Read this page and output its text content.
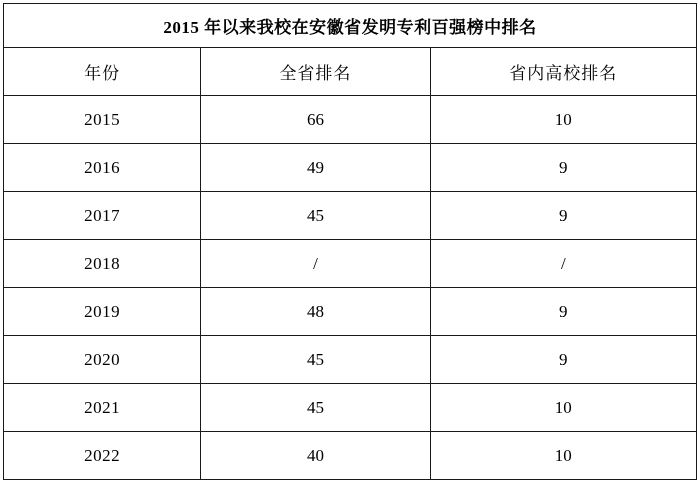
2015 年以来我校在安徽省发明专利百强榜中排名		
年份	全省排名	省内高校排名
2015	66	10
2016	49	9
2017	45	9
2018	/	/
2019	48	9
2020	45	9
2021	45	10
2022	40	10
